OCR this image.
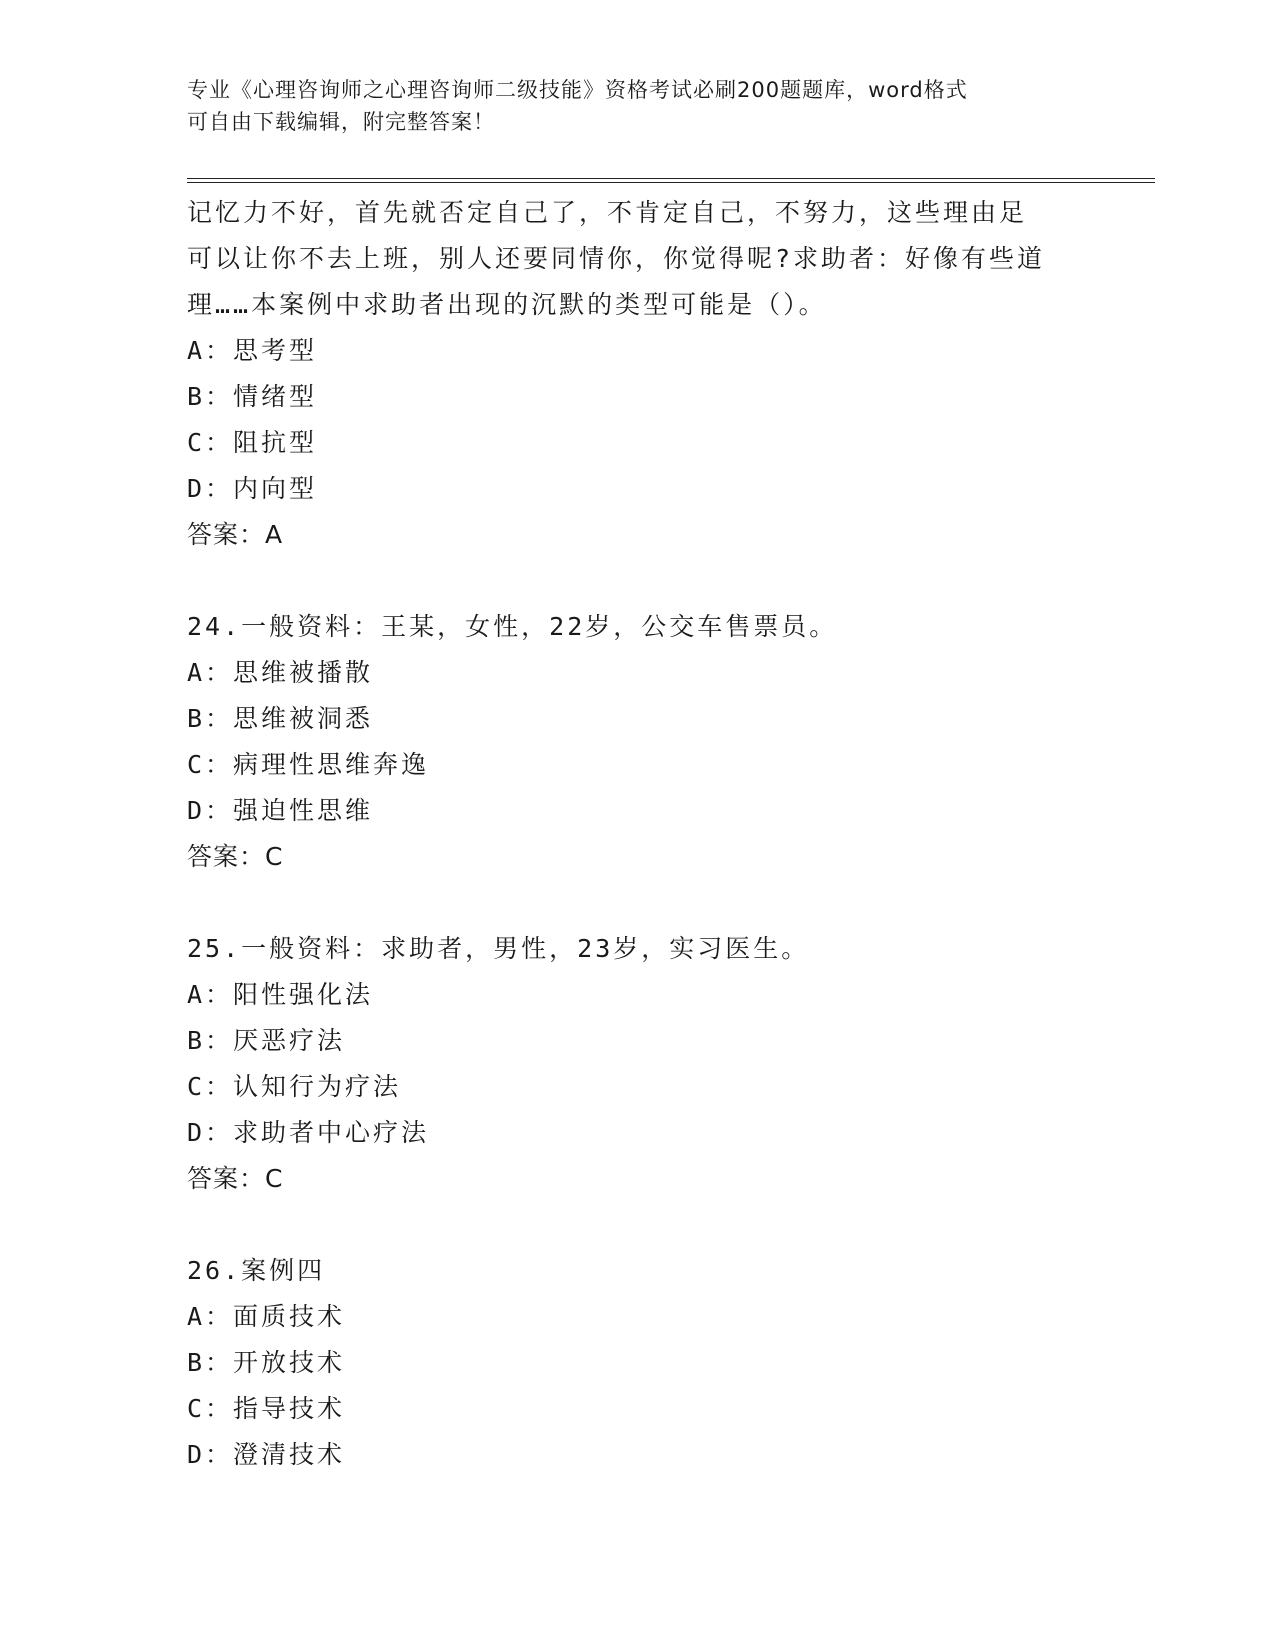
专业《心理咨询师之心理咨询师二级技能》资格考试必刷200题题库，word格式
可自由下载编辑，附完整答案！

记忆力不好，首先就否定自己了，不肯定自己，不努力，这些理由足

可以让你不去上班，别人还要同情你，你觉得呢?求助者：好像有些道

理……本案例中求助者出现的沉默的类型可能是（）。

A：思考型

B：情绪型

C：阻抗型

D：内向型

答案：A

24.一般资料：王某，女性，22岁，公交车售票员。

A：思维被播散

B：思维被洞悉

C：病理性思维奔逸

D：强迫性思维

答案：C

25.一般资料：求助者，男性，23岁，实习医生。

A：阳性强化法

B：厌恶疗法

C：认知行为疗法

D：求助者中心疗法

答案：C

26.案例四

A：面质技术

B：开放技术

C：指导技术

D：澄清技术
